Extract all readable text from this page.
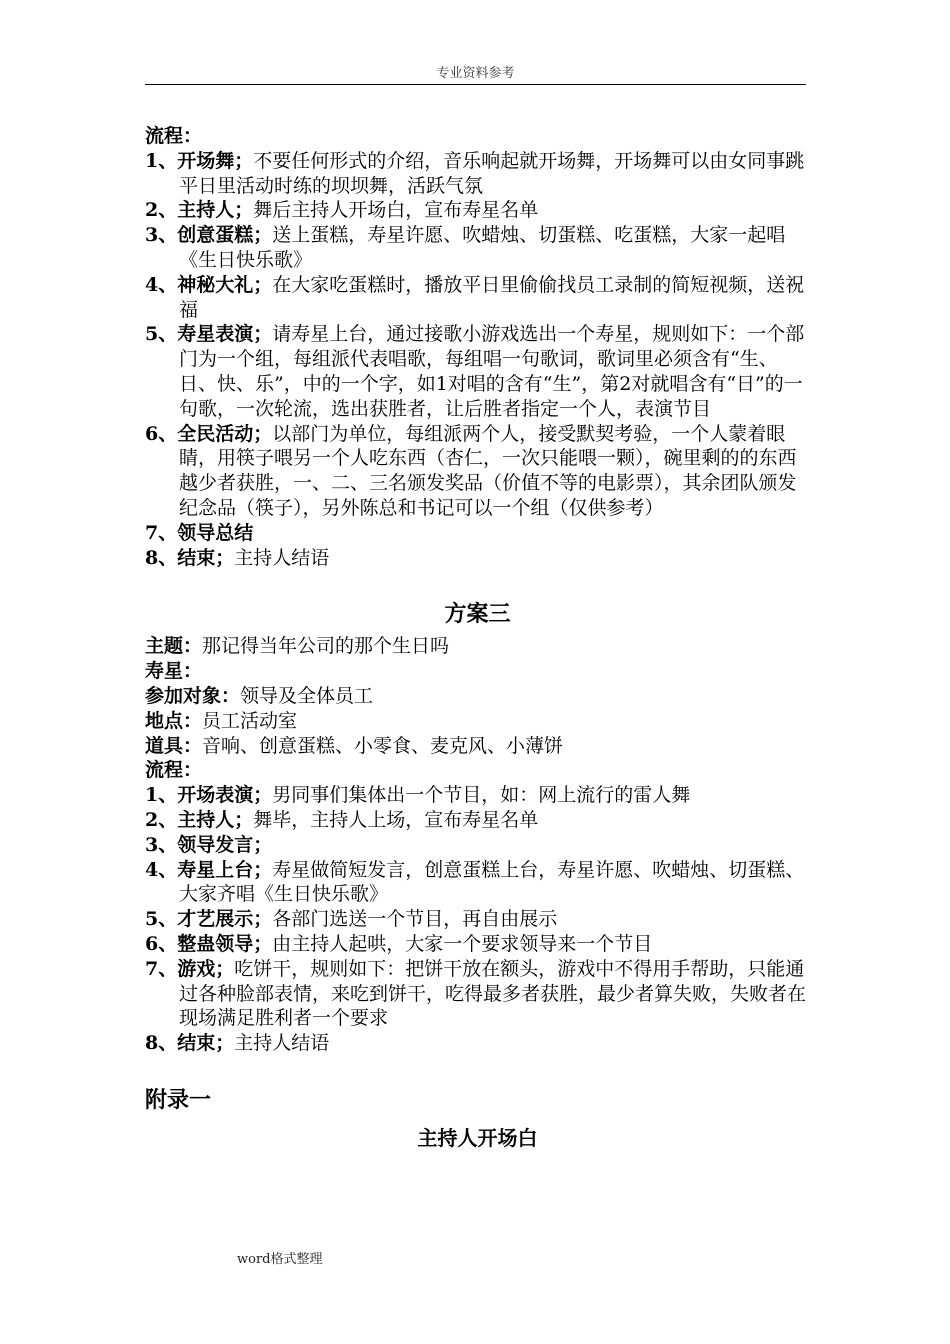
专业资料参考
流程：
1、开场舞；不要任何形式的介绍，音乐响起就开场舞，开场舞可以由女同事跳平日里活动时练的坝坝舞，活跃气氛
2、主持人；舞后主持人开场白，宣布寿星名单
3、创意蛋糕；送上蛋糕，寿星许愿、吹蜡烛、切蛋糕、吃蛋糕，大家一起唱《生日快乐歌》
4、神秘大礼；在大家吃蛋糕时，播放平日里偷偷找员工录制的简短视频，送祝福
5、寿星表演；请寿星上台，通过接歌小游戏选出一个寿星，规则如下：一个部门为一个组，每组派代表唱歌，每组唱一句歌词，歌词里必须含有“生、日、快、乐”，中的一个字，如1对唱的含有“生”，第2对就唱含有“日”的一句歌，一次轮流，选出获胜者，让后胜者指定一个人，表演节目
6、全民活动；以部门为单位，每组派两个人，接受默契考验，一个人蒙着眼睛，用筷子喂另一个人吃东西（杏仁，一次只能喂一颗），碗里剩的的东西越少者获胜，一、二、三名颁发奖品（价值不等的电影票），其余团队颁发纪念品（筷子），另外陈总和书记可以一个组（仅供参考）
7、领导总结
8、结束；主持人结语
方案三
主题：那记得当年公司的那个生日吗
寿星：
参加对象：领导及全体员工
地点：员工活动室
道具：音响、创意蛋糕、小零食、麦克风、小薄饼
流程：
1、开场表演；男同事们集体出一个节目，如：网上流行的雷人舞
2、主持人；舞毕，主持人上场，宣布寿星名单
3、领导发言；
4、寿星上台；寿星做简短发言，创意蛋糕上台，寿星许愿、吹蜡烛、切蛋糕、大家齐唱《生日快乐歌》
5、才艺展示；各部门选送一个节目，再自由展示
6、整蛊领导；由主持人起哄，大家一个要求领导来一个节目
7、游戏；吃饼干，规则如下：把饼干放在额头，游戏中不得用手帮助，只能通过各种脸部表情，来吃到饼干，吃得最多者获胜，最少者算失败，失败者在现场满足胜利者一个要求
8、结束；主持人结语
附录一
主持人开场白
word格式整理
